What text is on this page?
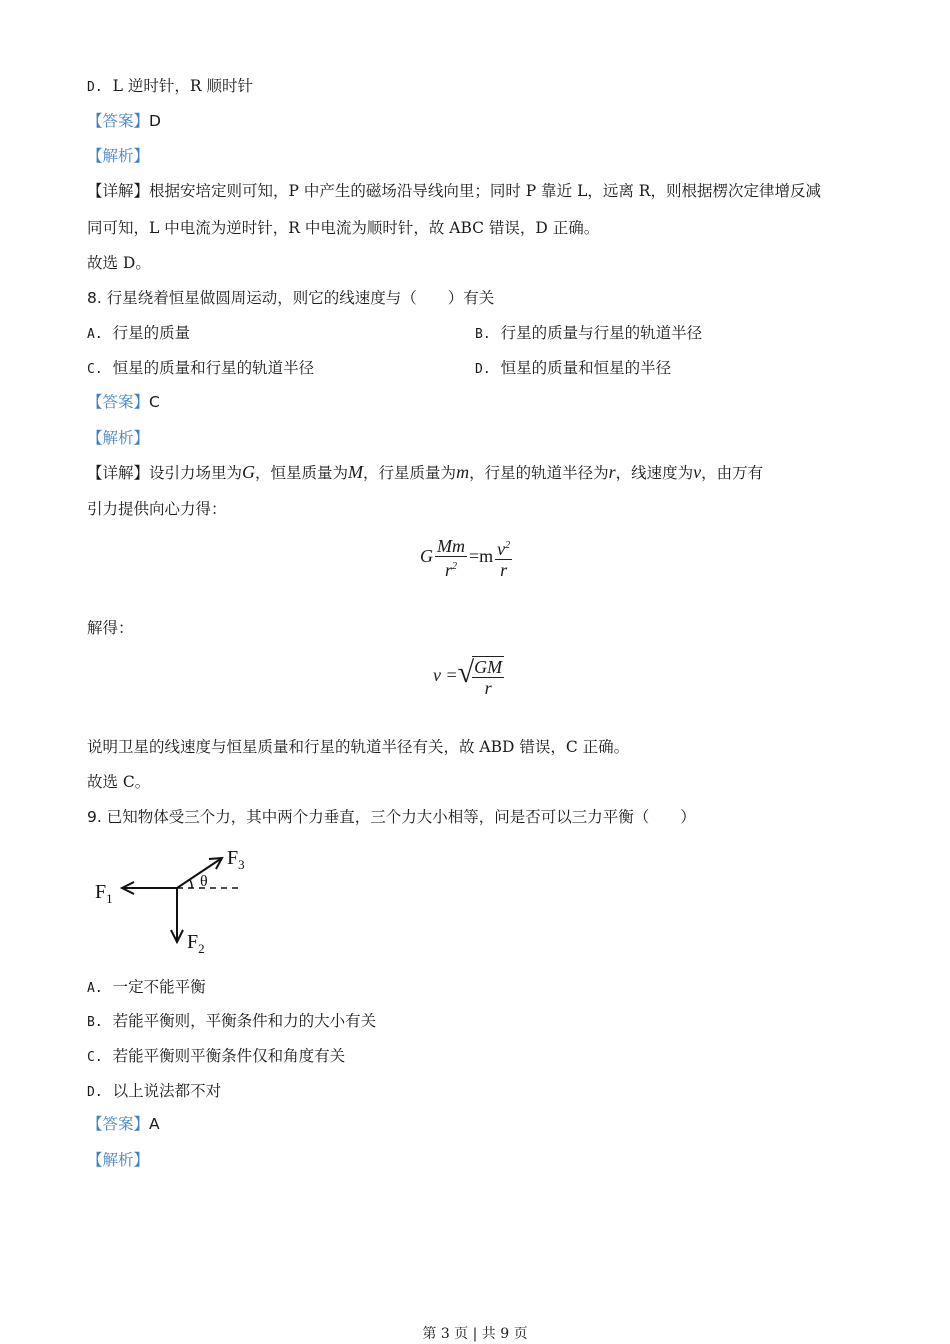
D. L 逆时针，R 顺时针
【答案】D
【解析】
【详解】根据安培定则可知，P 中产生的磁场沿导线向里；同时 P 靠近 L，远离 R，则根据楞次定律增反减
同可知，L 中电流为逆时针，R 中电流为顺时针，故 ABC 错误，D 正确。
故选 D。
8. 行星绕着恒星做圆周运动，则它的线速度与（　　）有关
A. 行星的质量	B. 行星的质量与行星的轨道半径
C. 恒星的质量和行星的轨道半径	D. 恒星的质量和恒星的半径
【答案】C
【解析】
【详解】设引力场里为G，恒星质量为M，行星质量为m，行星的轨道半径为r，线速度为v，由万有
引力提供向心力得：
G $\frac{Mm}{r^2} =m \frac{v^2}{r}$
解得：
v =√
$\frac{GM}{r}$
说明卫星的线速度与恒星质量和行星的轨道半径有关，故 ABD 错误，C 正确。
故选 C。
9. 已知物体受三个力，其中两个力垂直，三个力大小相等，问是否可以三力平衡（　　）
$F_1$
$F_2$
$F_3$
θ
A. 一定不能平衡
B. 若能平衡则，平衡条件和力的大小有关
C. 若能平衡则平衡条件仅和角度有关
D. 以上说法都不对
【答案】A
【解析】
第 3 页 | 共 9 页
